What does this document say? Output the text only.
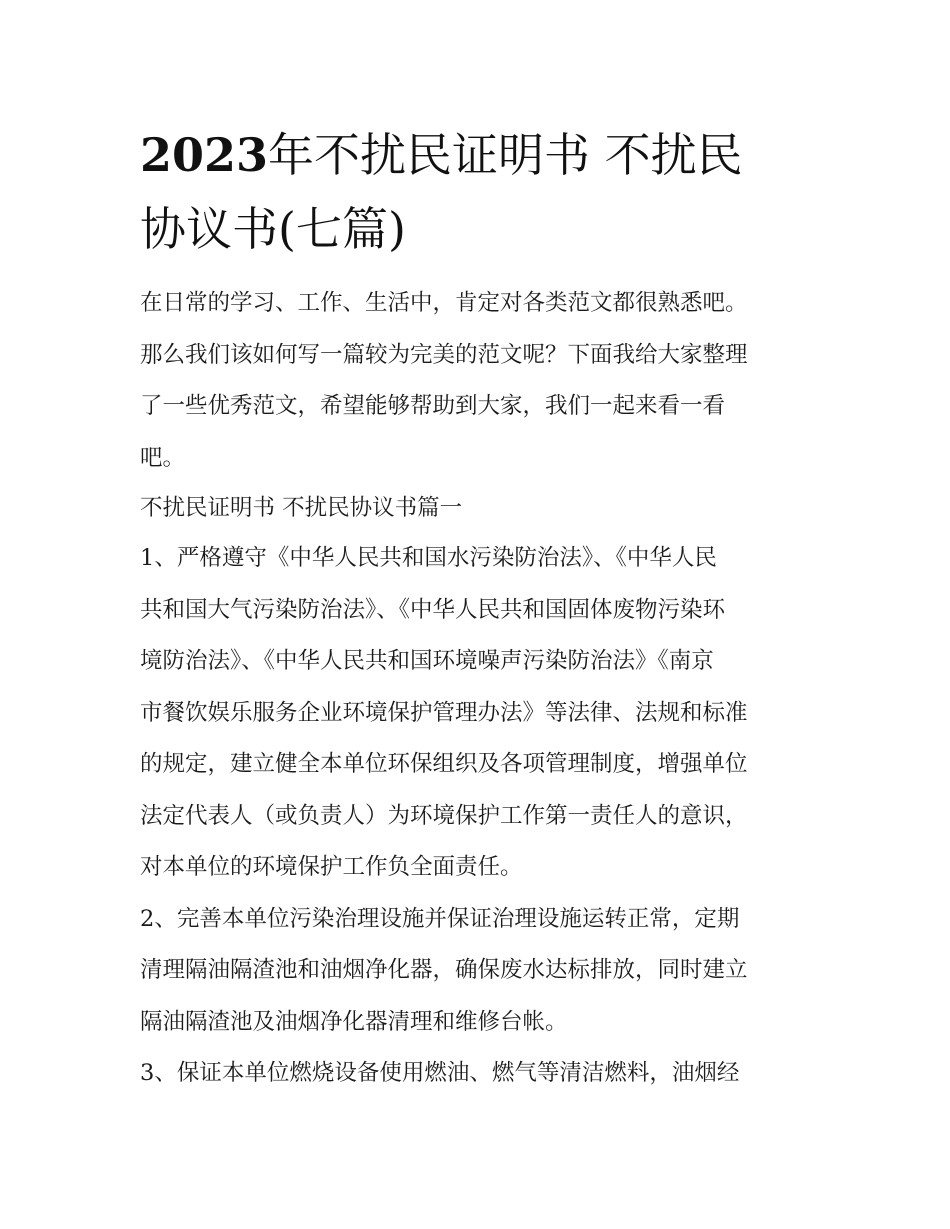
2023年不扰民证明书 不扰民
协议书(七篇)
在日常的学习、工作、生活中，肯定对各类范文都很熟悉吧。
那么我们该如何写一篇较为完美的范文呢？下面我给大家整理
了一些优秀范文，希望能够帮助到大家，我们一起来看一看
吧。
不扰民证明书 不扰民协议书篇一
1、严格遵守《中华人民共和国水污染防治法》、《中华人民
共和国大气污染防治法》、《中华人民共和国固体废物污染环
境防治法》、《中华人民共和国环境噪声污染防治法》《南京
市餐饮娱乐服务企业环境保护管理办法》等法律、法规和标准
的规定，建立健全本单位环保组织及各项管理制度，增强单位
法定代表人（或负责人）为环境保护工作第一责任人的意识，
对本单位的环境保护工作负全面责任。
2、完善本单位污染治理设施并保证治理设施运转正常，定期
清理隔油隔渣池和油烟净化器，确保废水达标排放，同时建立
隔油隔渣池及油烟净化器清理和维修台帐。
3、保证本单位燃烧设备使用燃油、燃气等清洁燃料，油烟经
